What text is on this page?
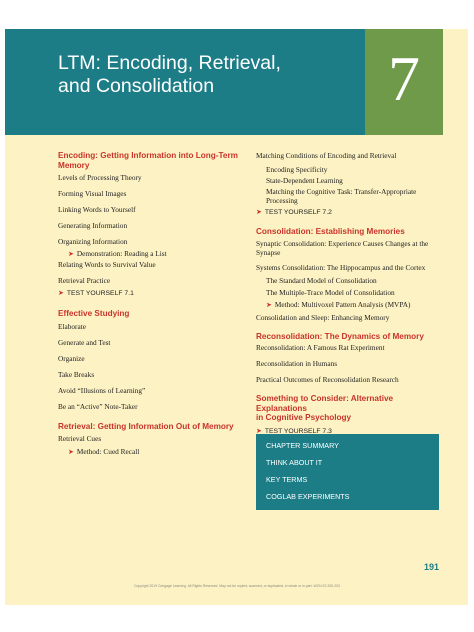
LTM: Encoding, Retrieval,
and Consolidation	7
Encoding: Getting Information into Long-Term
Memory
Levels of Processing Theory
Forming Visual Images
Linking Words to Yourself
Generating Information
Organizing Information
➤ Demonstration: Reading a List
Relating Words to Survival Value
Retrieval Practice
➤ TEST YOURSELF 7.1
Effective Studying
Elaborate
Generate and Test
Organize
Take Breaks
Avoid “Illusions of Learning”
Be an “Active” Note-Taker
Retrieval: Getting Information Out of Memory
Retrieval Cues
➤ Method: Cued Recall
Matching Conditions of Encoding and Retrieval
Encoding Specificity
State-Dependent Learning
Matching the Cognitive Task: Transfer-Appropriate
Processing
➤ TEST YOURSELF 7.2
Consolidation: Establishing Memories
Synaptic Consolidation: Experience Causes Changes at the
Synapse
Systems Consolidation: The Hippocampus and the Cortex
The Standard Model of Consolidation
The Multiple-Trace Model of Consolidation
➤ Method: Multivoxel Pattern Analysis (MVPA)
Consolidation and Sleep: Enhancing Memory
Reconsolidation: The Dynamics of Memory
Reconsolidation: A Famous Rat Experiment
Reconsolidation in Humans
Practical Outcomes of Reconsolidation Research
Something to Consider: Alternative Explanations
in Cognitive Psychology
➤ TEST YOURSELF 7.3
CHAPTER SUMMARY
THINK ABOUT IT
KEY TERMS
COGLAB EXPERIMENTS
191
Copyright 2019 Cengage Learning. All Rights Reserved. May not be copied, scanned, or duplicated, in whole or in part. WCN 02-200-203
